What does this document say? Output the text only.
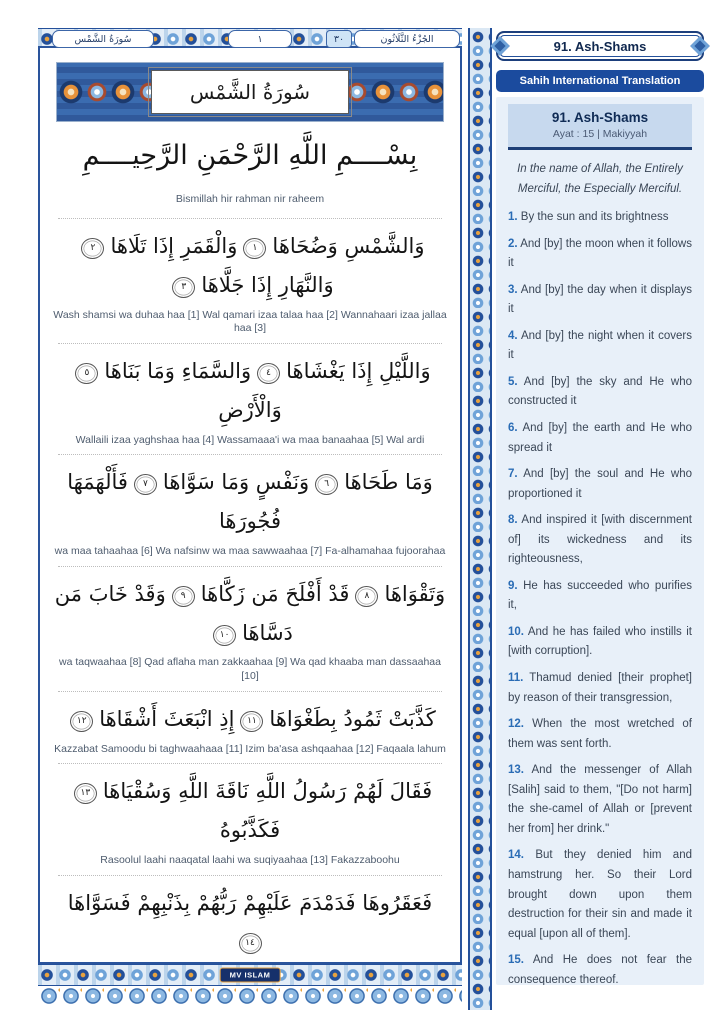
سُورَةُ الشَّمْس	١	٣٠	الجُزْءُ الثَّلَاثُون
سُورَةُ الشَّمْس
بِسْــــمِ اللَّهِ الرَّحْمَنِ الرَّحِيــــمِ
Bismillah hir rahman nir raheem
وَالشَّمْسِ وَضُحَاهَا١وَالْقَمَرِ إِذَا تَلَاهَا٢وَالنَّهَارِ إِذَا جَلَّاهَا٣
Wash shamsi wa duhaa haa [1] Wal qamari izaa talaa haa [2] Wannahaari izaa jallaa haa [3]
وَاللَّيْلِ إِذَا يَغْشَاهَا٤وَالسَّمَاءِ وَمَا بَنَاهَا٥وَالْأَرْضِ
Wallaili izaa yaghshaa haa [4] Wassamaaa'i wa maa banaahaa [5] Wal ardi
وَمَا طَحَاهَا٦وَنَفْسٍ وَمَا سَوَّاهَا٧فَأَلْهَمَهَا فُجُورَهَا
wa maa tahaahaa [6] Wa nafsinw wa maa sawwaahaa [7] Fa-alhamahaa fujoorahaa
وَتَقْوَاهَا٨قَدْ أَفْلَحَ مَن زَكَّاهَا٩وَقَدْ خَابَ مَن دَسَّاهَا١٠
wa taqwaahaa [8] Qad aflaha man zakkaahaa [9] Wa qad khaaba man dassaahaa [10]
كَذَّبَتْ ثَمُودُ بِطَغْوَاهَا١١إِذِ انْبَعَثَ أَشْقَاهَا١٢
Kazzabat Samoodu bi taghwaahaaa [11] Izim ba'asa ashqaahaa [12] Faqaala lahum
فَقَالَ لَهُمْ رَسُولُ اللَّهِ نَاقَةَ اللَّهِ وَسُقْيَاهَا١٣فَكَذَّبُوهُ
Rasoolul laahi naaqatal laahi wa suqiyaahaa [13] Fakazzaboohu
فَعَقَرُوهَا فَدَمْدَمَ عَلَيْهِمْ رَبُّهُمْ بِذَنْبِهِمْ فَسَوَّاهَا١٤
MV ISLAM
91. Ash-Shams
Sahih International Translation
91. Ash-Shams
Ayat : 15 | Makiyyah

In the name of Allah, the Entirely Merciful, the Especially Merciful.

1. By the sun and its brightness

2. And [by] the moon when it follows it

3. And [by] the day when it displays it

4. And [by] the night when it covers it

5. And [by] the sky and He who constructed it

6. And [by] the earth and He who spread it

7. And [by] the soul and He who proportioned it

8. And inspired it [with discernment of] its wickedness and its righteousness,

9. He has succeeded who purifies it,

10. And he has failed who instills it [with corruption].

11. Thamud denied [their prophet] by reason of their transgression,

12. When the most wretched of them was sent forth.

13. And the messenger of Allah [Salih] said to them, "[Do not harm] the she-camel of Allah or [prevent her from] her drink."

14. But they denied him and hamstrung her. So their Lord brought down upon them destruction for their sin and made it equal [upon all of them].

15. And He does not fear the consequence thereof.
